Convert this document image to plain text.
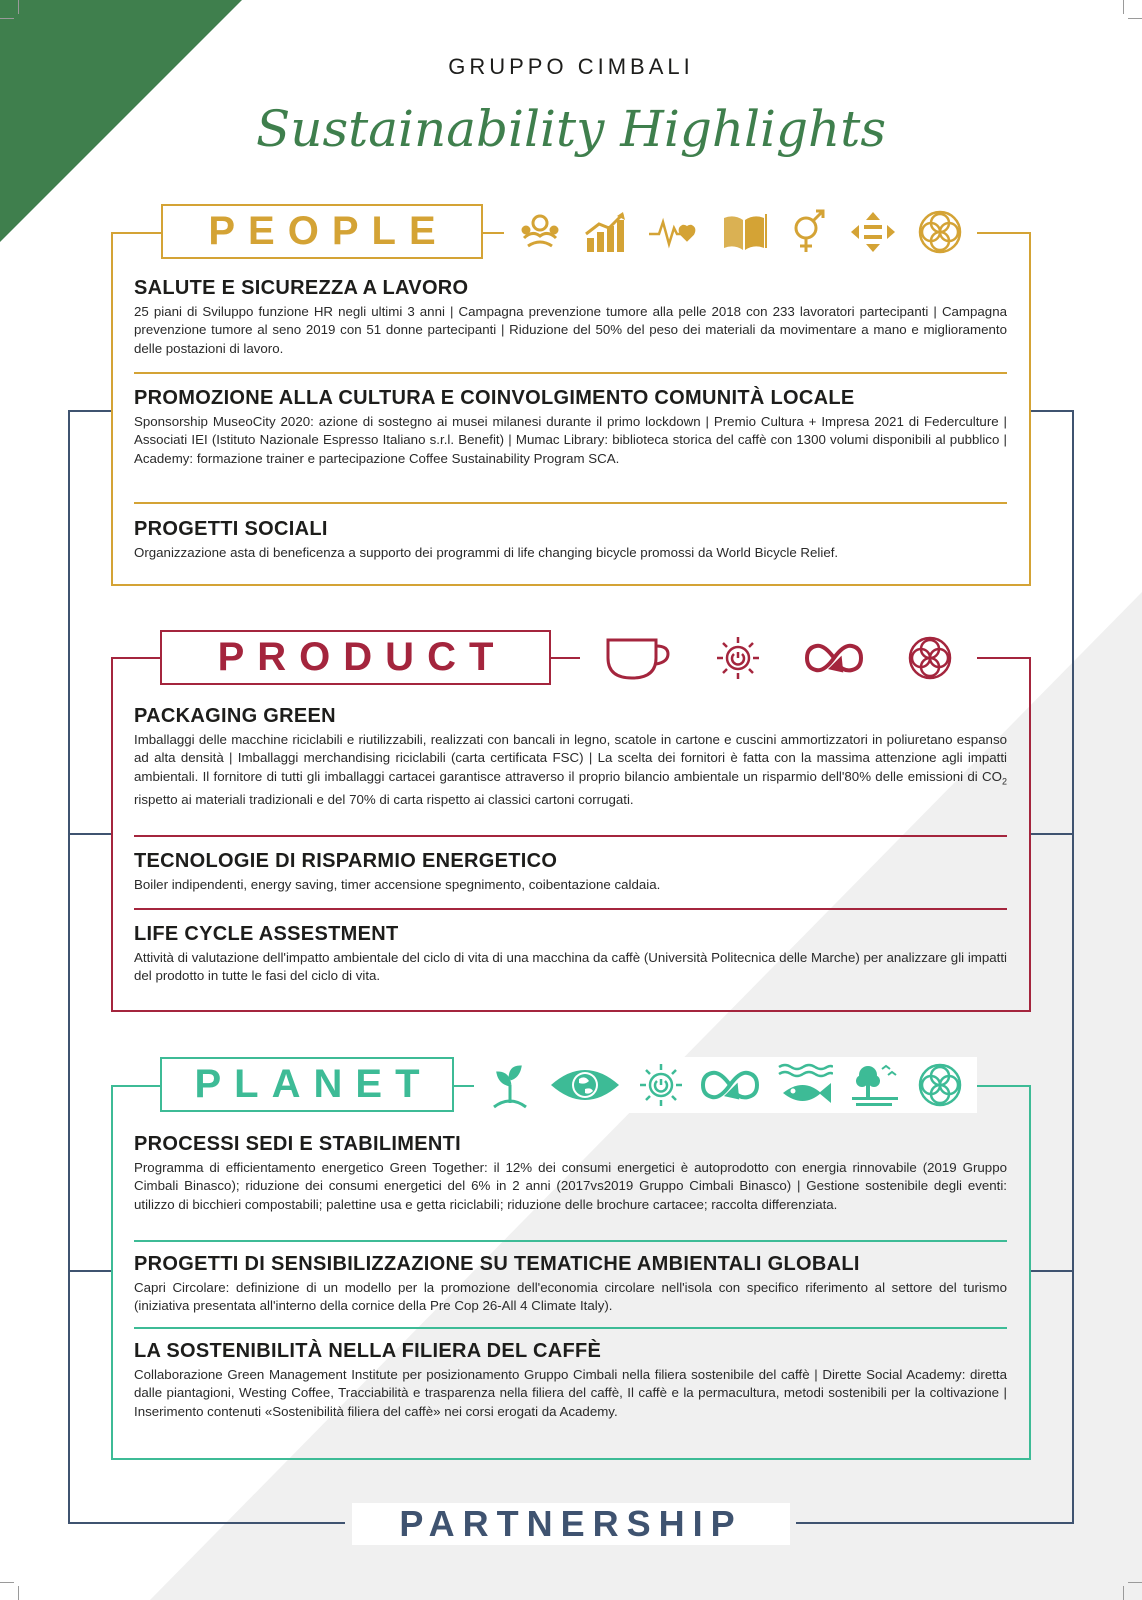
GRUPPO CIMBALI
Sustainability Highlights
PEOPLE
SALUTE E SICUREZZA A LAVORO

25 piani di Sviluppo funzione HR negli ultimi 3 anni | Campagna prevenzione tumore alla pelle 2018 con 233 lavoratori partecipanti | Campagna prevenzione tumore al seno 2019 con 51 donne partecipanti | Riduzione del 50% del peso dei materiali da movimentare a mano e miglioramento delle postazioni di lavoro.

PROMOZIONE ALLA CULTURA E COINVOLGIMENTO COMUNITÀ LOCALE

Sponsorship MuseoCity 2020: azione di sostegno ai musei milanesi durante il primo lockdown | Premio Cultura + Impresa 2021 di Federculture | Associati IEI (Istituto Nazionale Espresso Italiano s.r.l. Benefit) | Mumac Library: biblioteca storica del caffè con 1300 volumi disponibili al pubblico | Academy: formazione trainer e partecipazione Coffee Sustainability Program SCA.

PROGETTI SOCIALI

Organizzazione asta di beneficenza a supporto dei programmi di life changing bicycle promossi da World Bicycle Relief.

PRODUCT
PACKAGING GREEN

Imballaggi delle macchine riciclabili e riutilizzabili, realizzati con bancali in legno, scatole in cartone e cuscini ammortizzatori in poliuretano espanso ad alta densità | Imballaggi merchandising riciclabili (carta certificata FSC) | La scelta dei fornitori è fatta con la massima attenzione agli impatti ambientali. Il fornitore di tutti gli imballaggi cartacei garantisce attraverso il proprio bilancio ambientale un risparmio dell'80% delle emissioni di $CO_2$ rispetto ai materiali tradizionali e del 70% di carta rispetto ai classici cartoni corrugati.

TECNOLOGIE DI RISPARMIO ENERGETICO

Boiler indipendenti, energy saving, timer accensione spegnimento, coibentazione caldaia.

LIFE CYCLE ASSESTMENT

Attività di valutazione dell'impatto ambientale del ciclo di vita di una macchina da caffè (Università Politecnica delle Marche) per analizzare gli impatti del prodotto in tutte le fasi del ciclo di vita.

PLANET
PROCESSI SEDI E STABILIMENTI

Programma di efficientamento energetico Green Together: il 12% dei consumi energetici è autoprodotto con energia rinnovabile (2019 Gruppo Cimbali Binasco); riduzione dei consumi energetici del 6% in 2 anni (2017vs2019 Gruppo Cimbali Binasco) | Gestione sostenibile degli eventi: utilizzo di bicchieri compostabili; palettine usa e getta riciclabili; riduzione delle brochure cartacee; raccolta differenziata.

PROGETTI DI SENSIBILIZZAZIONE SU TEMATICHE AMBIENTALI GLOBALI

Capri Circolare: definizione di un modello per la promozione dell'economia circolare nell'isola con specifico riferimento al settore del turismo (iniziativa presentata all'interno della cornice della Pre Cop 26-All 4 Climate Italy).

LA SOSTENIBILITÀ NELLA FILIERA DEL CAFFÈ

Collaborazione Green Management Institute per posizionamento Gruppo Cimbali nella filiera sostenibile del caffè | Dirette Social Academy: diretta dalle piantagioni, Westing Coffee, Tracciabilità e trasparenza nella filiera del caffè, Il caffè e la permacultura, metodi sostenibili per la coltivazione | Inserimento contenuti «Sostenibilità filiera del caffè» nei corsi erogati da Academy.

PARTNERSHIP
